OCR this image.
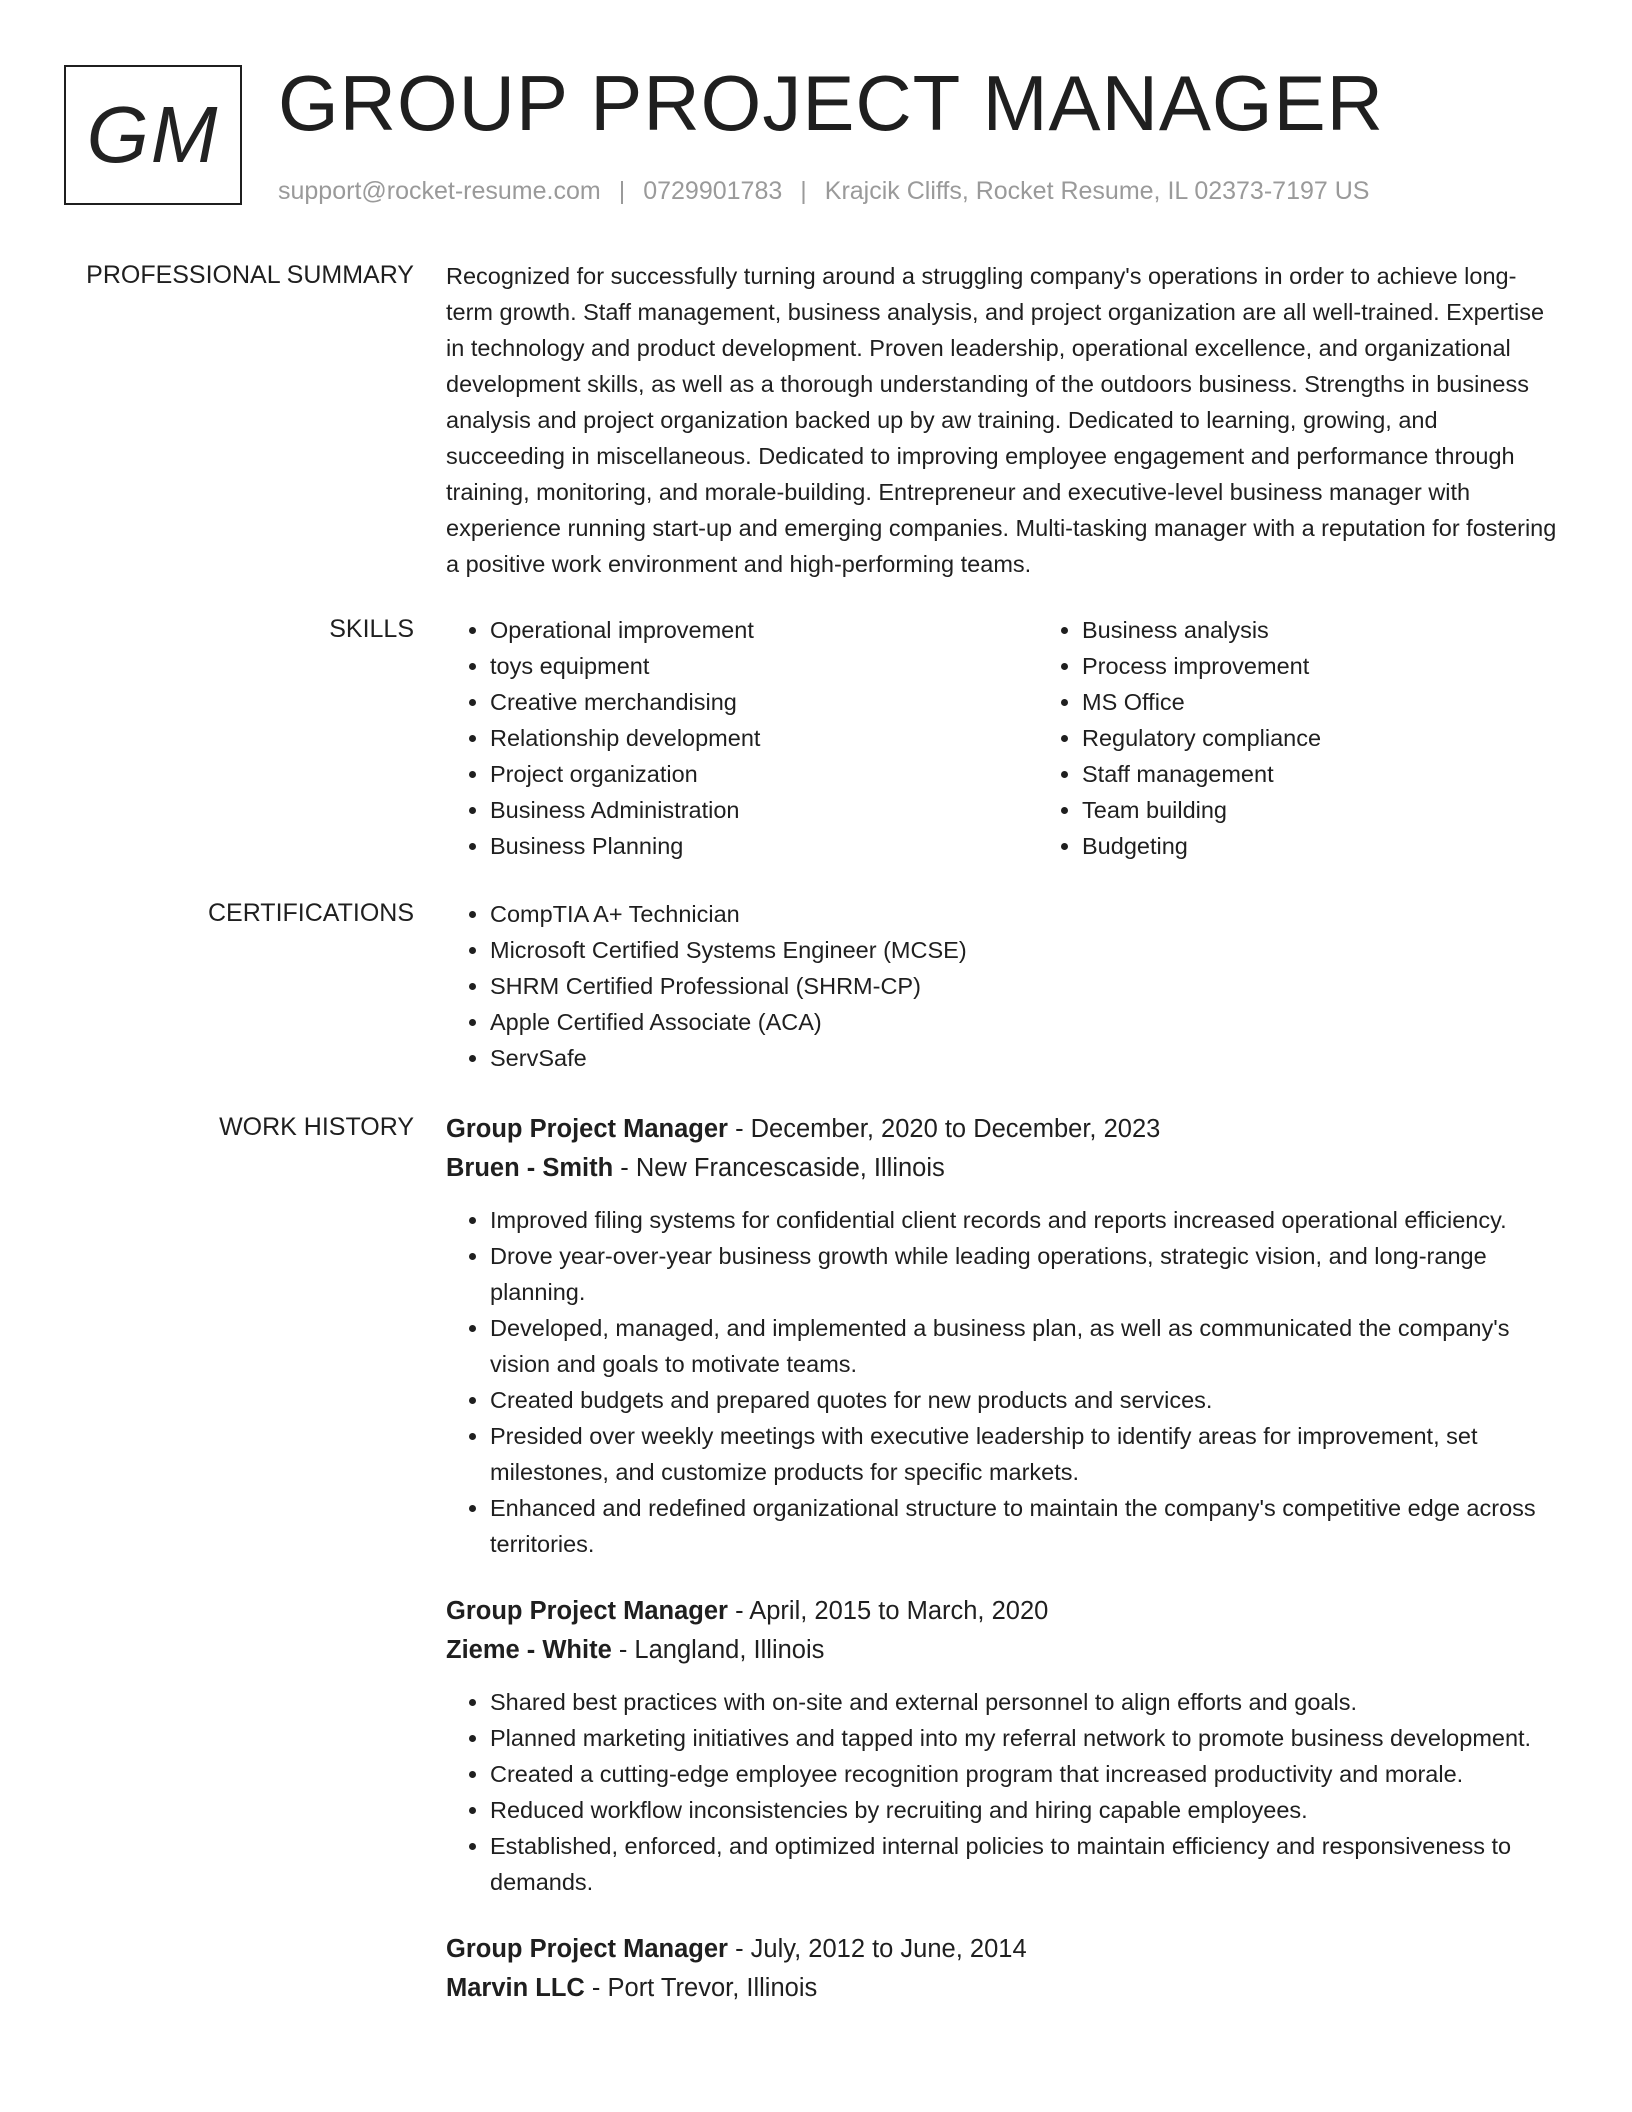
GM GROUP PROJECT MANAGER
support@rocket-resume.com | 0729901783 | Krajcik Cliffs, Rocket Resume, IL 02373-7197 US
PROFESSIONAL SUMMARY Recognized for successfully turning around a struggling company's operations in order to achieve long-term growth. Staff management, business analysis, and project organization are all well-trained. Expertise in technology and product development. Proven leadership, operational excellence, and organizational development skills, as well as a thorough understanding of the outdoors business. Strengths in business analysis and project organization backed up by aw training. Dedicated to learning, growing, and succeeding in miscellaneous. Dedicated to improving employee engagement and performance through training, monitoring, and morale-building. Entrepreneur and executive-level business manager with experience running start-up and emerging companies. Multi-tasking manager with a reputation for fostering a positive work environment and high-performing teams.
SKILLS	• Operational improvement
• toys equipment
• Creative merchandising
• Relationship development
• Project organization
• Business Administration
• Business Planning
• Business analysis
• Process improvement
• MS Office
• Regulatory compliance
• Staff management
• Team building
• Budgeting
CERTIFICATIONS	• CompTIA A+ Technician
• Microsoft Certified Systems Engineer (MCSE)
• SHRM Certified Professional (SHRM-CP)
• Apple Certified Associate (ACA)
• ServSafe
WORK HISTORY Group Project Manager - December, 2020 to December, 2023
Bruen - Smith - New Francescaside, Illinois
• Improved filing systems for confidential client records and reports increased operational efficiency.
• Drove year-over-year business growth while leading operations, strategic vision, and long-range planning.
• Developed, managed, and implemented a business plan, as well as communicated the company's vision and goals to motivate teams.
• Created budgets and prepared quotes for new products and services.
• Presided over weekly meetings with executive leadership to identify areas for improvement, set milestones, and customize products for specific markets.
• Enhanced and redefined organizational structure to maintain the company's competitive edge across territories.
Group Project Manager - April, 2015 to March, 2020
Zieme - White - Langland, Illinois
• Shared best practices with on-site and external personnel to align efforts and goals.
• Planned marketing initiatives and tapped into my referral network to promote business development.
• Created a cutting-edge employee recognition program that increased productivity and morale.
• Reduced workflow inconsistencies by recruiting and hiring capable employees.
• Established, enforced, and optimized internal policies to maintain efficiency and responsiveness to demands.
Group Project Manager - July, 2012 to June, 2014
Marvin LLC - Port Trevor, Illinois
